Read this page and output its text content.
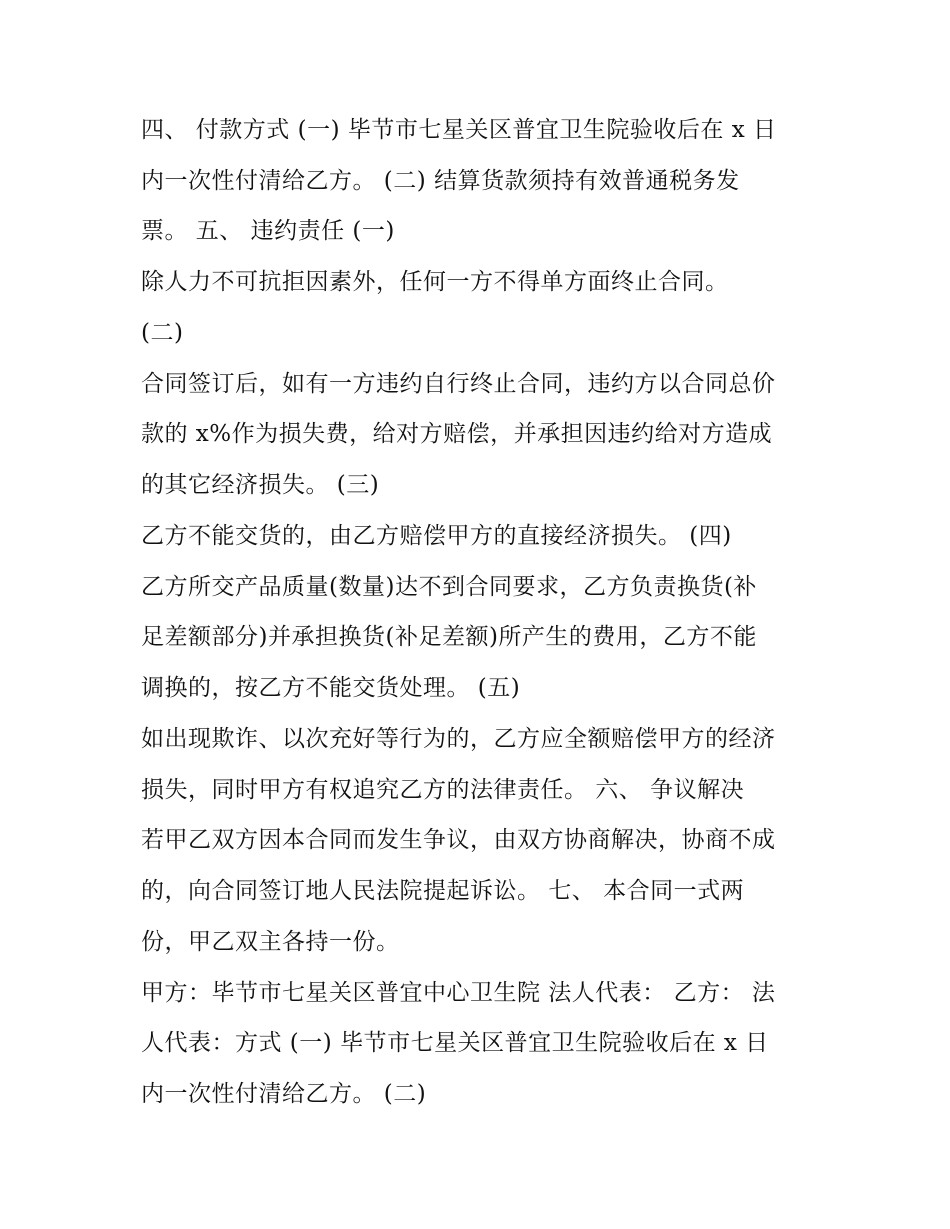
四、 付款方式 (一) 毕节市七星关区普宜卫生院验收后在 x 日
内一次性付清给乙方。 (二) 结算货款须持有效普通税务发
票。 五、 违约责任 (一)
除人力不可抗拒因素外，任何一方不得单方面终止合同。
(二)
合同签订后，如有一方违约自行终止合同，违约方以合同总价
款的 x%作为损失费，给对方赔偿，并承担因违约给对方造成
的其它经济损失。 (三)
乙方不能交货的，由乙方赔偿甲方的直接经济损失。 (四)
乙方所交产品质量(数量)达不到合同要求，乙方负责换货(补
足差额部分)并承担换货(补足差额)所产生的费用，乙方不能
调换的，按乙方不能交货处理。 (五)
如出现欺诈、以次充好等行为的，乙方应全额赔偿甲方的经济
损失，同时甲方有权追究乙方的法律责任。 六、 争议解决
若甲乙双方因本合同而发生争议，由双方协商解决，协商不成
的，向合同签订地人民法院提起诉讼。 七、 本合同一式两
份，甲乙双主各持一份。
甲方：毕节市七星关区普宜中心卫生院 法人代表： 乙方： 法
人代表：方式 (一) 毕节市七星关区普宜卫生院验收后在 x 日
内一次性付清给乙方。 (二)
